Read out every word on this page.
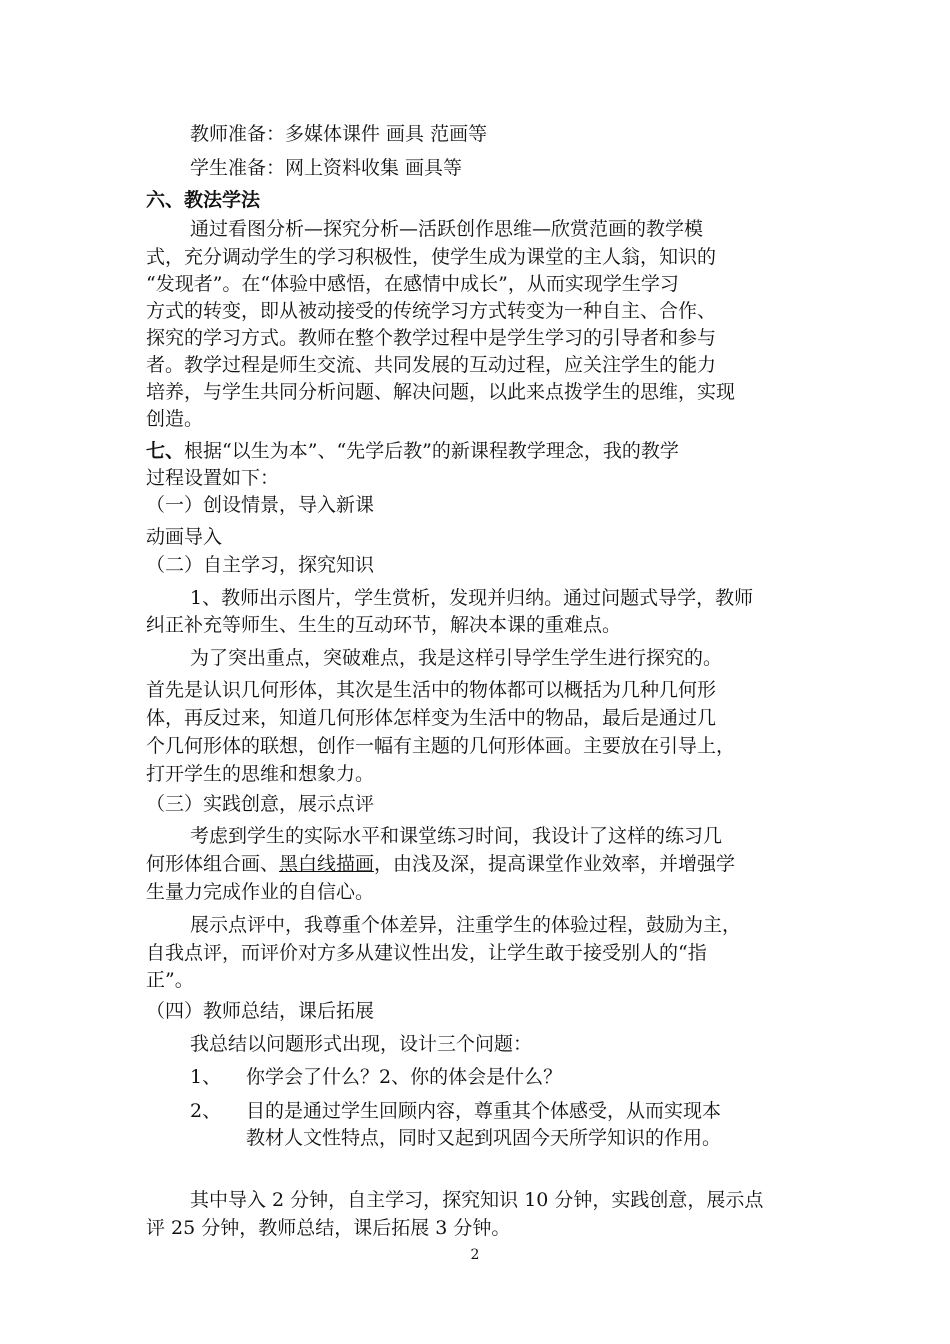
教师准备：多媒体课件 画具 范画等
学生准备：网上资料收集 画具等
六、教法学法
通过看图分析—探究分析—活跃创作思维—欣赏范画的教学模
式，充分调动学生的学习积极性，使学生成为课堂的主人翁，知识的
“发现者”。在“体验中感悟，在感情中成长”，从而实现学生学习
方式的转变，即从被动接受的传统学习方式转变为一种自主、合作、
探究的学习方式。教师在整个教学过程中是学生学习的引导者和参与
者。教学过程是师生交流、共同发展的互动过程，应关注学生的能力
培养，与学生共同分析问题、解决问题，以此来点拨学生的思维，实现
创造。
七、根据“以生为本”、“先学后教”的新课程教学理念，我的教学
过程设置如下：
（一）创设情景，导入新课
动画导入
（二）自主学习，探究知识
1、教师出示图片，学生赏析，发现并归纳。通过问题式导学，教师
纠正补充等师生、生生的互动环节，解决本课的重难点。
为了突出重点，突破难点，我是这样引导学生学生进行探究的。
首先是认识几何形体，其次是生活中的物体都可以概括为几种几何形
体，再反过来，知道几何形体怎样变为生活中的物品，最后是通过几
个几何形体的联想，创作一幅有主题的几何形体画。主要放在引导上，
打开学生的思维和想象力。
（三）实践创意，展示点评
考虑到学生的实际水平和课堂练习时间，我设计了这样的练习几
何形体组合画、黑白线描画，由浅及深，提高课堂作业效率，并增强学
生量力完成作业的自信心。
展示点评中，我尊重个体差异，注重学生的体验过程，鼓励为主，
自我点评，而评价对方多从建议性出发，让学生敢于接受别人的“指
正”。
（四）教师总结，课后拓展
我总结以问题形式出现，设计三个问题：
1、 你学会了什么？2、你的体会是什么？
2、 目的是通过学生回顾内容，尊重其个体感受，从而实现本
教材人文性特点，同时又起到巩固今天所学知识的作用。
其中导入 2 分钟，自主学习，探究知识 10 分钟，实践创意，展示点
评 25 分钟，教师总结，课后拓展 3 分钟。
2
